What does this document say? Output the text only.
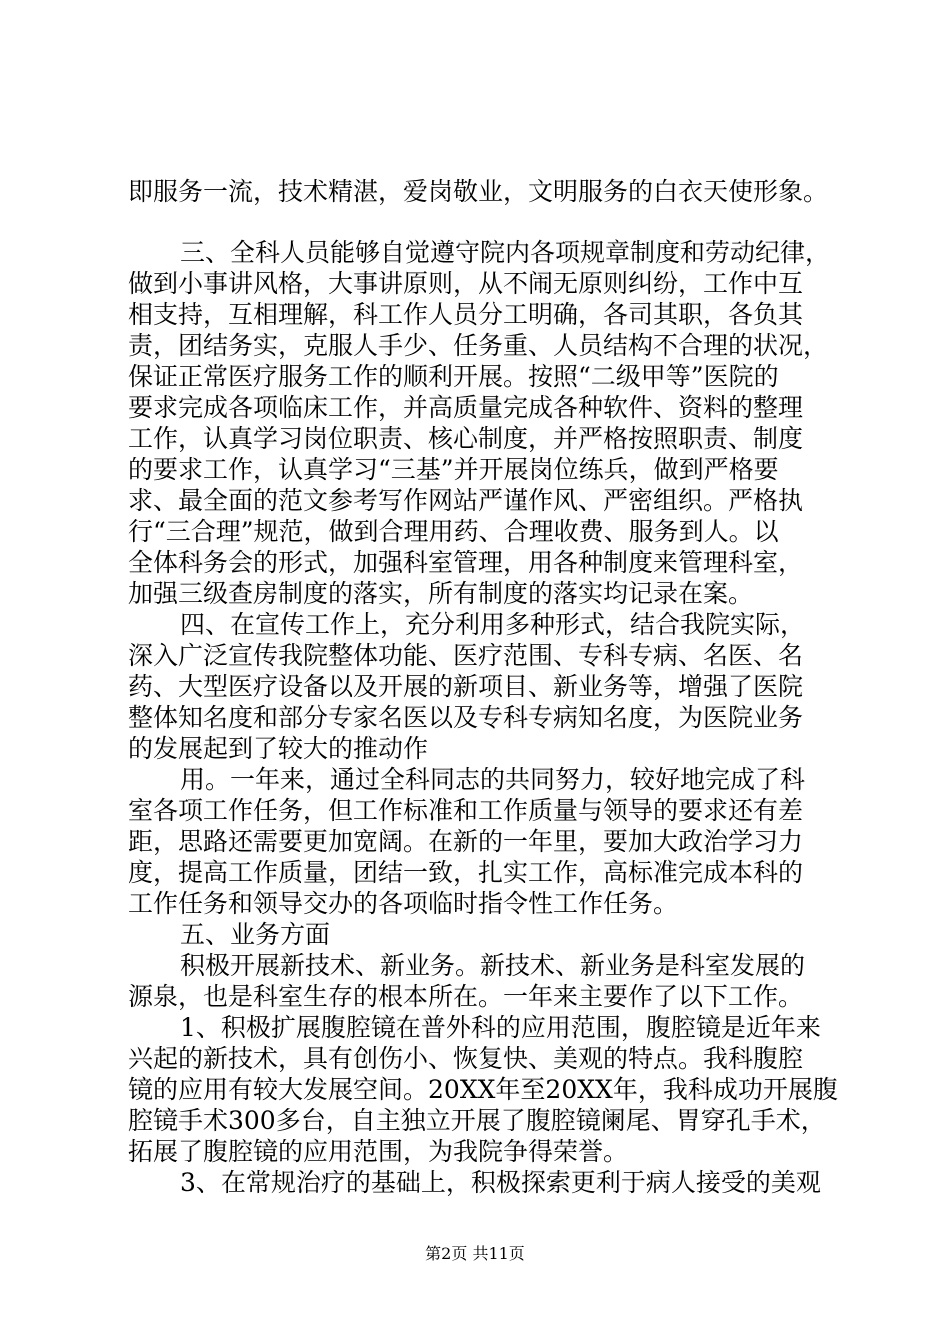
即服务一流，技术精湛，爱岗敬业，文明服务的白衣天使形象。
三、全科人员能够自觉遵守院内各项规章制度和劳动纪律，
做到小事讲风格，大事讲原则，从不闹无原则纠纷，工作中互
相支持，互相理解，科工作人员分工明确，各司其职，各负其
责，团结务实，克服人手少、任务重、人员结构不合理的状况，
保证正常医疗服务工作的顺利开展。按照“二级甲等”医院的
要求完成各项临床工作，并高质量完成各种软件、资料的整理
工作，认真学习岗位职责、核心制度，并严格按照职责、制度
的要求工作，认真学习“三基”并开展岗位练兵，做到严格要
求、最全面的范文参考写作网站严谨作风、严密组织。严格执
行“三合理”规范，做到合理用药、合理收费、服务到人。以
全体科务会的形式，加强科室管理，用各种制度来管理科室，
加强三级查房制度的落实，所有制度的落实均记录在案。
四、在宣传工作上，充分利用多种形式，结合我院实际，
深入广泛宣传我院整体功能、医疗范围、专科专病、名医、名
药、大型医疗设备以及开展的新项目、新业务等，增强了医院
整体知名度和部分专家名医以及专科专病知名度，为医院业务
的发展起到了较大的推动作
用。一年来，通过全科同志的共同努力，较好地完成了科
室各项工作任务，但工作标准和工作质量与领导的要求还有差
距，思路还需要更加宽阔。在新的一年里，要加大政治学习力
度，提高工作质量，团结一致，扎实工作，高标准完成本科的
工作任务和领导交办的各项临时指令性工作任务。
五、业务方面
积极开展新技术、新业务。新技术、新业务是科室发展的
源泉，也是科室生存的根本所在。一年来主要作了以下工作。
1、积极扩展腹腔镜在普外科的应用范围，腹腔镜是近年来
兴起的新技术，具有创伤小、恢复快、美观的特点。我科腹腔
镜的应用有较大发展空间。20XX年至20XX年，我科成功开展腹
腔镜手术300多台，自主独立开展了腹腔镜阑尾、胃穿孔手术，
拓展了腹腔镜的应用范围，为我院争得荣誉。
3、在常规治疗的基础上，积极探索更利于病人接受的美观
第2页 共11页
